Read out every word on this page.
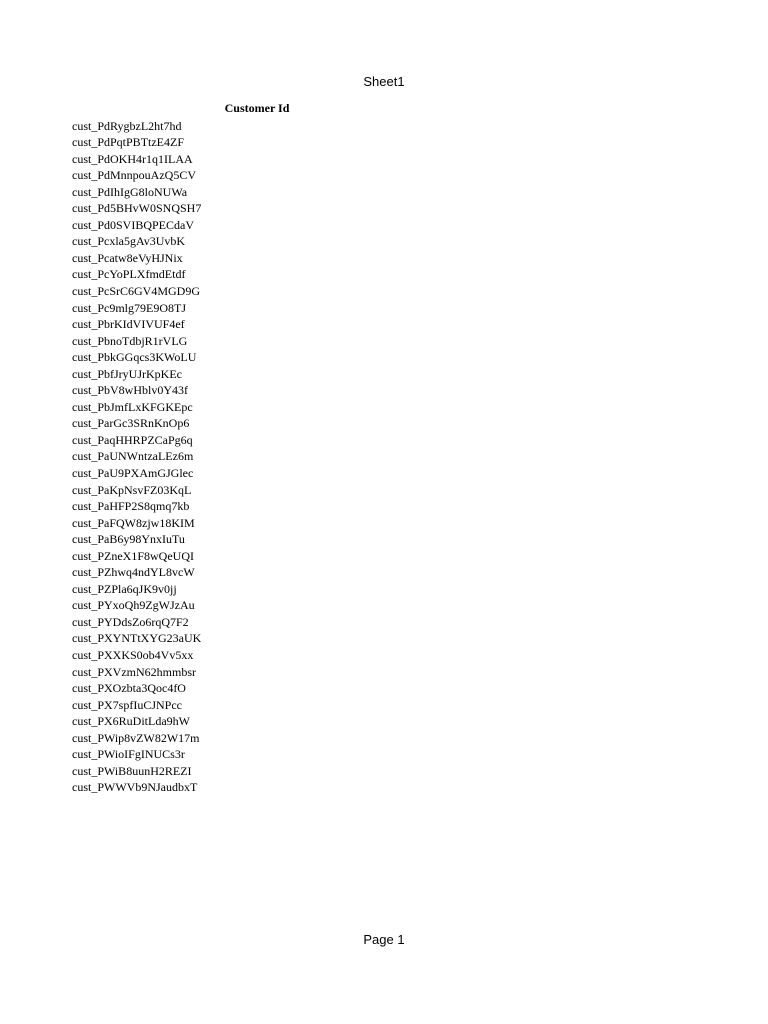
Sheet1
Customer Id
cust_PdRygbzL2ht7hd
cust_PdPqtPBTtzE4ZF
cust_PdOKH4r1q1ILAA
cust_PdMnnpouAzQ5CV
cust_PdIhIgG8loNUWa
cust_Pd5BHvW0SNQSH7
cust_Pd0SVIBQPECdaV
cust_Pcxla5gAv3UvbK
cust_Pcatw8eVyHJNix
cust_PcYoPLXfmdEtdf
cust_PcSrC6GV4MGD9G
cust_Pc9mlg79E9O8TJ
cust_PbrKIdVIVUF4ef
cust_PbnoTdbjR1rVLG
cust_PbkGGqcs3KWoLU
cust_PbfJryUJrKpKEc
cust_PbV8wHblv0Y43f
cust_PbJmfLxKFGKEpc
cust_ParGc3SRnKnOp6
cust_PaqHHRPZCaPg6q
cust_PaUNWntzaLEz6m
cust_PaU9PXAmGJGlec
cust_PaKpNsvFZ03KqL
cust_PaHFP2S8qmq7kb
cust_PaFQW8zjw18KIM
cust_PaB6y98YnxIuTu
cust_PZneX1F8wQeUQI
cust_PZhwq4ndYL8vcW
cust_PZPla6qJK9v0jj
cust_PYxoQh9ZgWJzAu
cust_PYDdsZo6rqQ7F2
cust_PXYNTtXYG23aUK
cust_PXXKS0ob4Vv5xx
cust_PXVzmN62hmmbsr
cust_PXOzbta3Qoc4fO
cust_PX7spfIuCJNPcc
cust_PX6RuDitLda9hW
cust_PWip8vZW82W17m
cust_PWioIFgINUCs3r
cust_PWiB8uunH2REZI
cust_PWWVb9NJaudbxT
Page 1
